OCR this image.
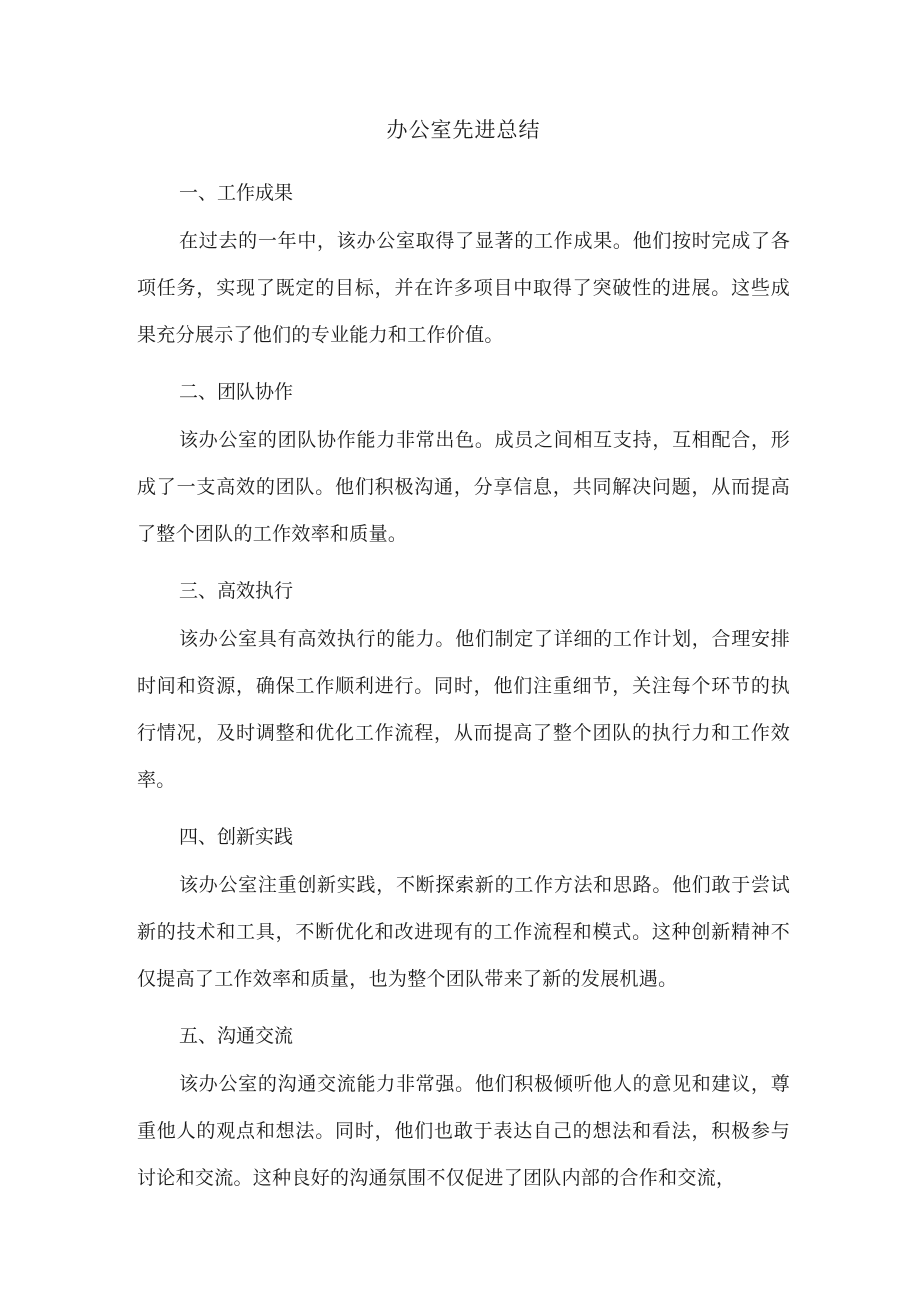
办公室先进总结
一、工作成果

在过去的一年中，该办公室取得了显著的工作成果。他们按时完成了各项任务，实现了既定的目标，并在许多项目中取得了突破性的进展。这些成果充分展示了他们的专业能力和工作价值。

二、团队协作

该办公室的团队协作能力非常出色。成员之间相互支持，互相配合，形成了一支高效的团队。他们积极沟通，分享信息，共同解决问题，从而提高了整个团队的工作效率和质量。

三、高效执行

该办公室具有高效执行的能力。他们制定了详细的工作计划，合理安排时间和资源，确保工作顺利进行。同时，他们注重细节，关注每个环节的执行情况，及时调整和优化工作流程，从而提高了整个团队的执行力和工作效率。

四、创新实践

该办公室注重创新实践，不断探索新的工作方法和思路。他们敢于尝试新的技术和工具，不断优化和改进现有的工作流程和模式。这种创新精神不仅提高了工作效率和质量，也为整个团队带来了新的发展机遇。

五、沟通交流

该办公室的沟通交流能力非常强。他们积极倾听他人的意见和建议，尊重他人的观点和想法。同时，他们也敢于表达自己的想法和看法，积极参与讨论和交流。这种良好的沟通氛围不仅促进了团队内部的合作和交流，
